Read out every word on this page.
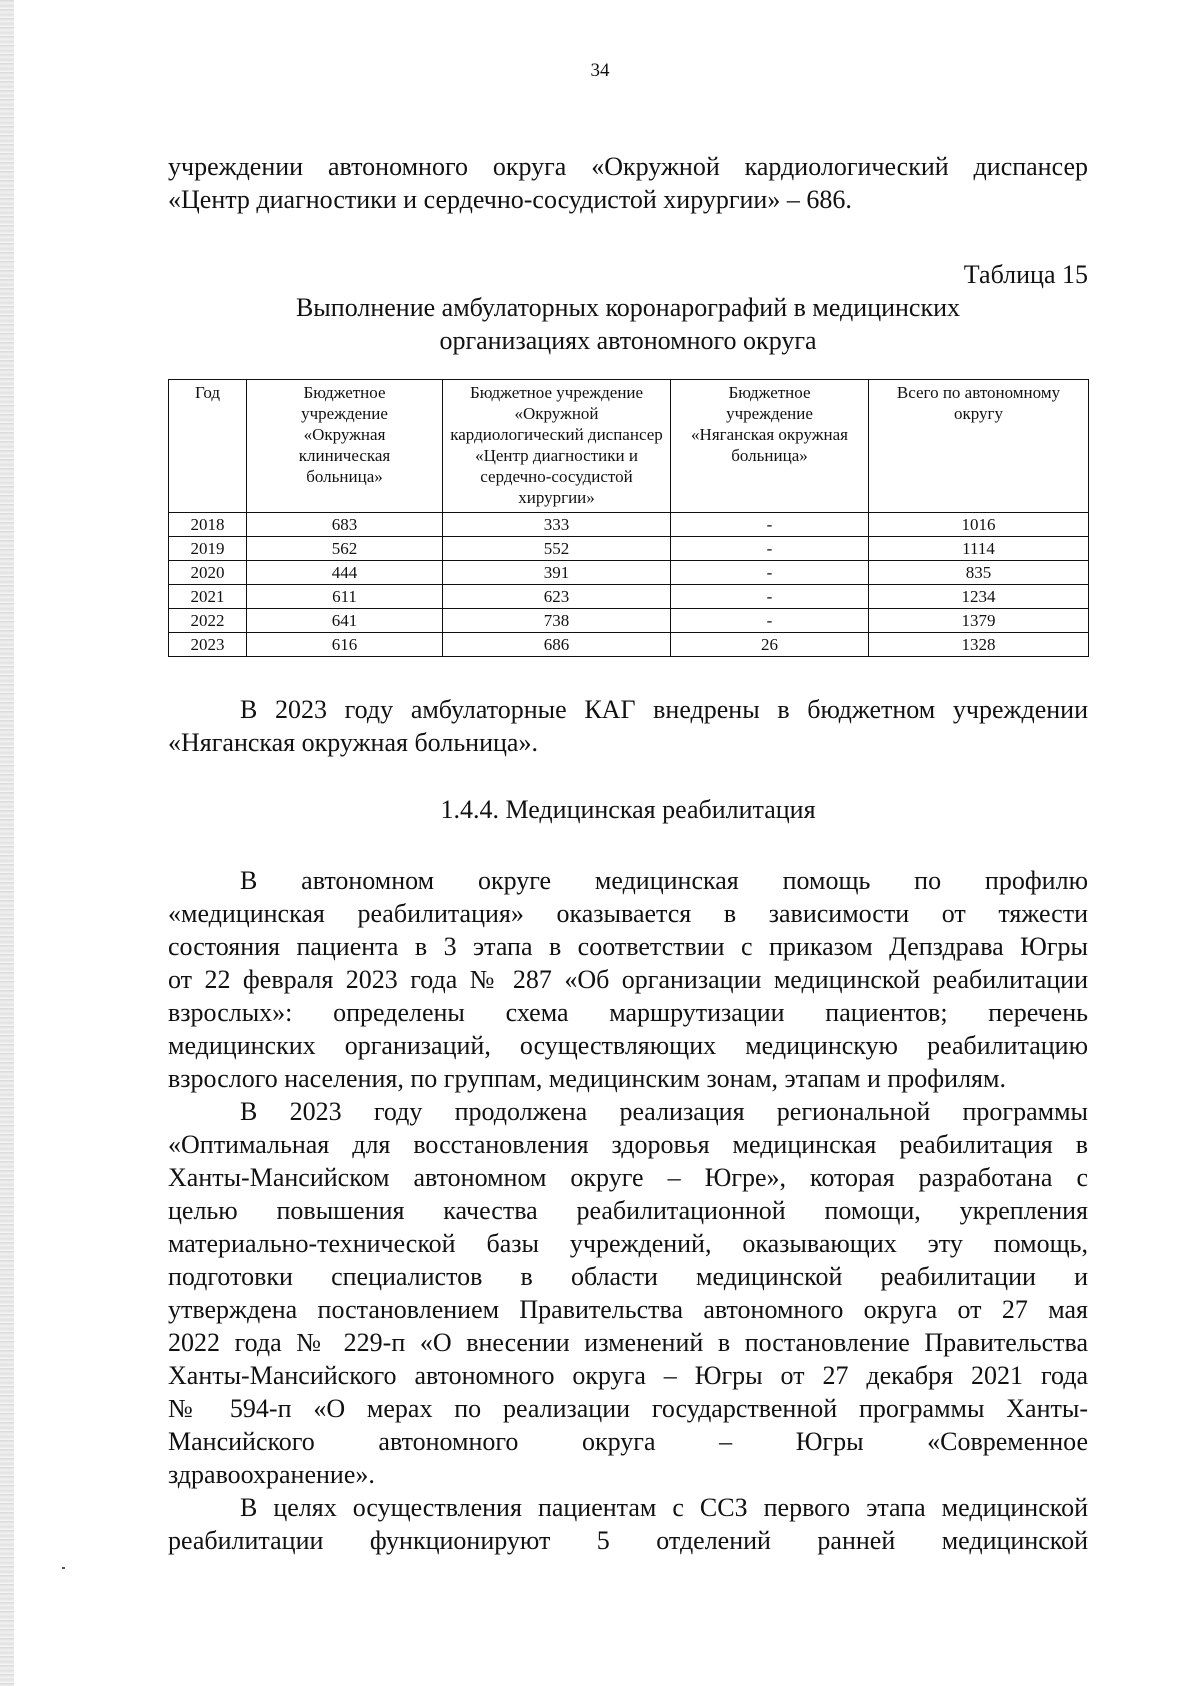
34

учреждении автономного округа «Окружной кардиологический диспансер

«Центр диагностики и сердечно-сосудистой хирургии» – 686.

Таблица 15

Выполнение амбулаторных коронарографий в медицинских

организациях автономного округа

Год	Бюджетное учреждение «Окружная клиническая больница»	Бюджетное учреждение «Окружной кардиологический диспансер «Центр диагностики и сердечно-сосудистой хирургии»	Бюджетное учреждение «Няганская окружная больница»	Всего по автономному округу
2018	683	333	-	1016
2019	562	552	-	1114
2020	444	391	-	835
2021	611	623	-	1234
2022	641	738	-	1379
2023	616	686	26	1328

В 2023 году амбулаторные КАГ внедрены в бюджетном учреждении

«Няганская окружная больница».

1.4.4. Медицинская реабилитация

В автономном округе медицинская помощь по профилю

«медицинская реабилитация» оказывается в зависимости от тяжести

состояния пациента в 3 этапа в соответствии с приказом Депздрава Югры

от 22 февраля 2023 года № 287 «Об организации медицинской реабилитации

взрослых»: определены схема маршрутизации пациентов; перечень

медицинских организаций, осуществляющих медицинскую реабилитацию

взрослого населения, по группам, медицинским зонам, этапам и профилям.

В 2023 году продолжена реализация региональной программы

«Оптимальная для восстановления здоровья медицинская реабилитация в

Ханты-Мансийском автономном округе – Югре», которая разработана с

целью повышения качества реабилитационной помощи, укрепления

материально-технической базы учреждений, оказывающих эту помощь,

подготовки специалистов в области медицинской реабилитации и

утверждена постановлением Правительства автономного округа от 27 мая

2022 года № 229-п «О внесении изменений в постановление Правительства

Ханты-Мансийского автономного округа – Югры от 27 декабря 2021 года

№ 594-п «О мерах по реализации государственной программы Ханты-

Мансийского автономного округа – Югры «Современное

здравоохранение».

В целях осуществления пациентам с ССЗ первого этапа медицинской

реабилитации функционируют 5 отделений ранней медицинской
